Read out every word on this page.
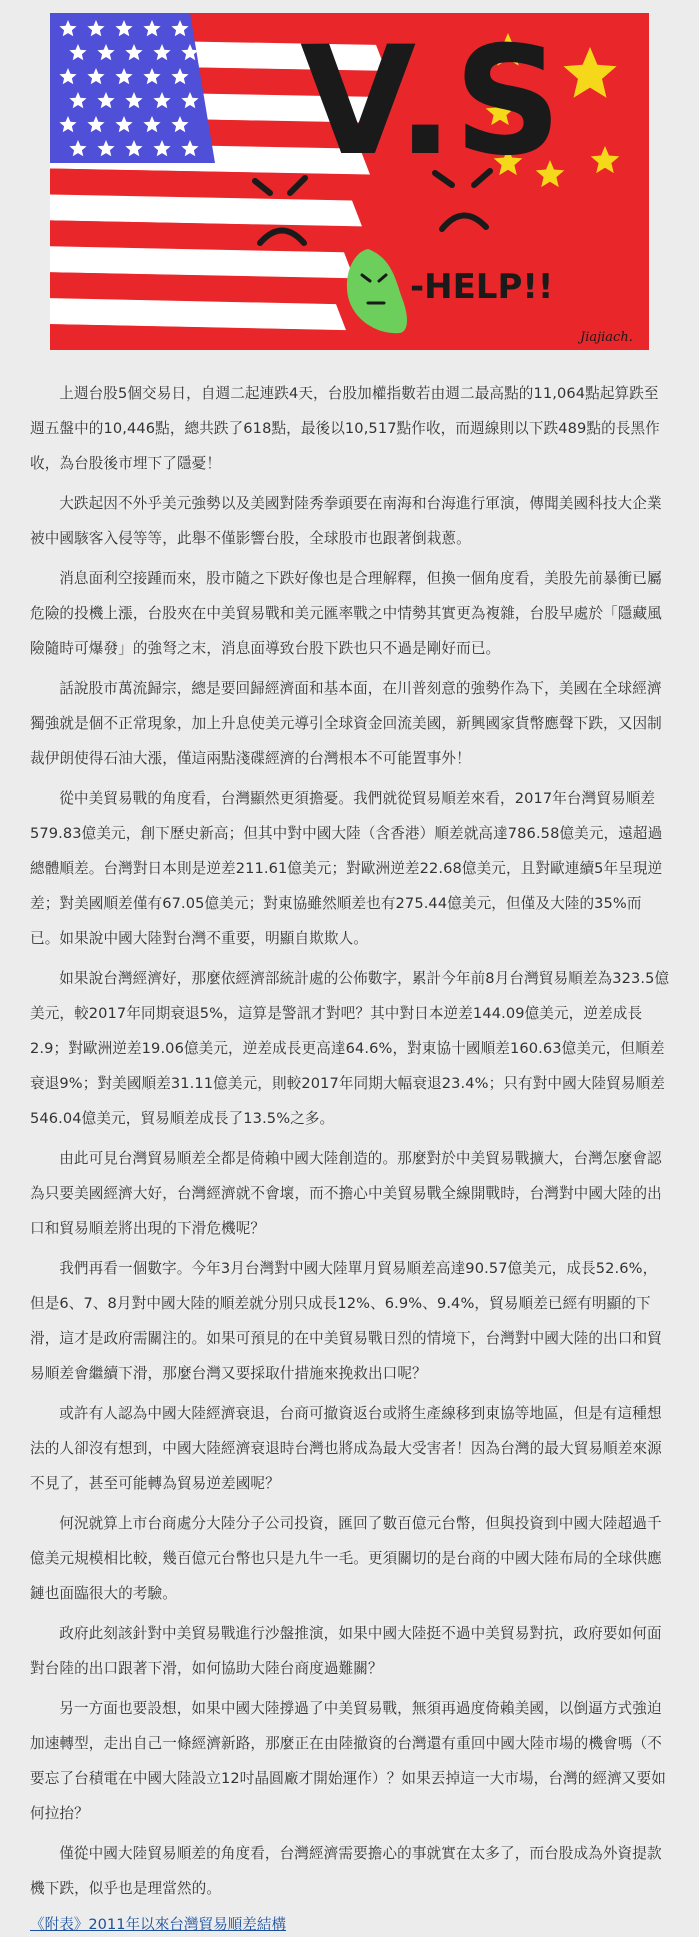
V.S
-HELP!!
Jiajiach.

上週台股5個交易日，自週二起連跌4天，台股加權指數若由週二最高點的11,064點起算跌至週五盤中的10,446點，總共跌了618點，最後以10,517點作收，而週線則以下跌489點的長黑作收，為台股後市埋下了隱憂！

大跌起因不外乎美元強勢以及美國對陸秀拳頭要在南海和台海進行軍演，傳聞美國科技大企業被中國駭客入侵等等，此舉不僅影響台股，全球股市也跟著倒栽蔥。

消息面利空接踵而來，股市隨之下跌好像也是合理解釋，但換一個角度看，美股先前暴衝已屬危險的投機上漲，台股夾在中美貿易戰和美元匯率戰之中情勢其實更為複雜，台股早處於「隱藏風險隨時可爆發」的強弩之末，消息面導致台股下跌也只不過是剛好而已。

話說股市萬流歸宗，總是要回歸經濟面和基本面，在川普刻意的強勢作為下，美國在全球經濟獨強就是個不正常現象，加上升息使美元導引全球資金回流美國，新興國家貨幣應聲下跌，又因制裁伊朗使得石油大漲，僅這兩點淺碟經濟的台灣根本不可能置事外！

從中美貿易戰的角度看，台灣顯然更須擔憂。我們就從貿易順差來看，2017年台灣貿易順差579.83億美元，創下歷史新高；但其中對中國大陸（含香港）順差就高達786.58億美元，遠超過總體順差。台灣對日本則是逆差211.61億美元；對歐洲逆差22.68億美元，且對歐連續5年呈現逆差；對美國順差僅有67.05億美元；對東協雖然順差也有275.44億美元，但僅及大陸的35%而已。如果說中國大陸對台灣不重要，明顯自欺欺人。

如果說台灣經濟好，那麼依經濟部統計處的公佈數字，累計今年前8月台灣貿易順差為323.5億美元，較2017年同期衰退5%，這算是警訊才對吧？其中對日本逆差144.09億美元，逆差成長2.9；對歐洲逆差19.06億美元，逆差成長更高達64.6%，對東協十國順差160.63億美元，但順差衰退9%；對美國順差31.11億美元，則較2017年同期大幅衰退23.4%；只有對中國大陸貿易順差546.04億美元，貿易順差成長了13.5%之多。

由此可見台灣貿易順差全都是倚賴中國大陸創造的。那麼對於中美貿易戰擴大，台灣怎麼會認為只要美國經濟大好，台灣經濟就不會壞，而不擔心中美貿易戰全線開戰時，台灣對中國大陸的出口和貿易順差將出現的下滑危機呢？

我們再看一個數字。今年3月台灣對中國大陸單月貿易順差高達90.57億美元，成長52.6%，但是6、7、8月對中國大陸的順差就分別只成長12%、6.9%、9.4%，貿易順差已經有明顯的下滑，這才是政府需關注的。如果可預見的在中美貿易戰日烈的情境下，台灣對中國大陸的出口和貿易順差會繼續下滑，那麼台灣又要採取什措施來挽救出口呢？

或許有人認為中國大陸經濟衰退，台商可撤資返台或將生產線移到東協等地區，但是有這種想法的人卻沒有想到，中國大陸經濟衰退時台灣也將成為最大受害者！因為台灣的最大貿易順差來源不見了，甚至可能轉為貿易逆差國呢？

何況就算上市台商處分大陸分子公司投資，匯回了數百億元台幣，但與投資到中國大陸超過千億美元規模相比較，幾百億元台幣也只是九牛一毛。更須關切的是台商的中國大陸布局的全球供應鏈也面臨很大的考驗。

政府此刻該針對中美貿易戰進行沙盤推演，如果中國大陸挺不過中美貿易對抗，政府要如何面對台陸的出口跟著下滑，如何協助大陸台商度過難關？

另一方面也要設想，如果中國大陸撐過了中美貿易戰，無須再過度倚賴美國，以倒逼方式強迫加速轉型，走出自己一條經濟新路，那麼正在由陸撤資的台灣還有重回中國大陸市場的機會嗎（不要忘了台積電在中國大陸設立12吋晶圓廠才開始運作）？如果丟掉這一大市場，台灣的經濟又要如何拉抬？

僅從中國大陸貿易順差的角度看，台灣經濟需要擔心的事就實在太多了，而台股成為外資提款機下跌，似乎也是理當然的。

《附表》2011年以來台灣貿易順差結構
